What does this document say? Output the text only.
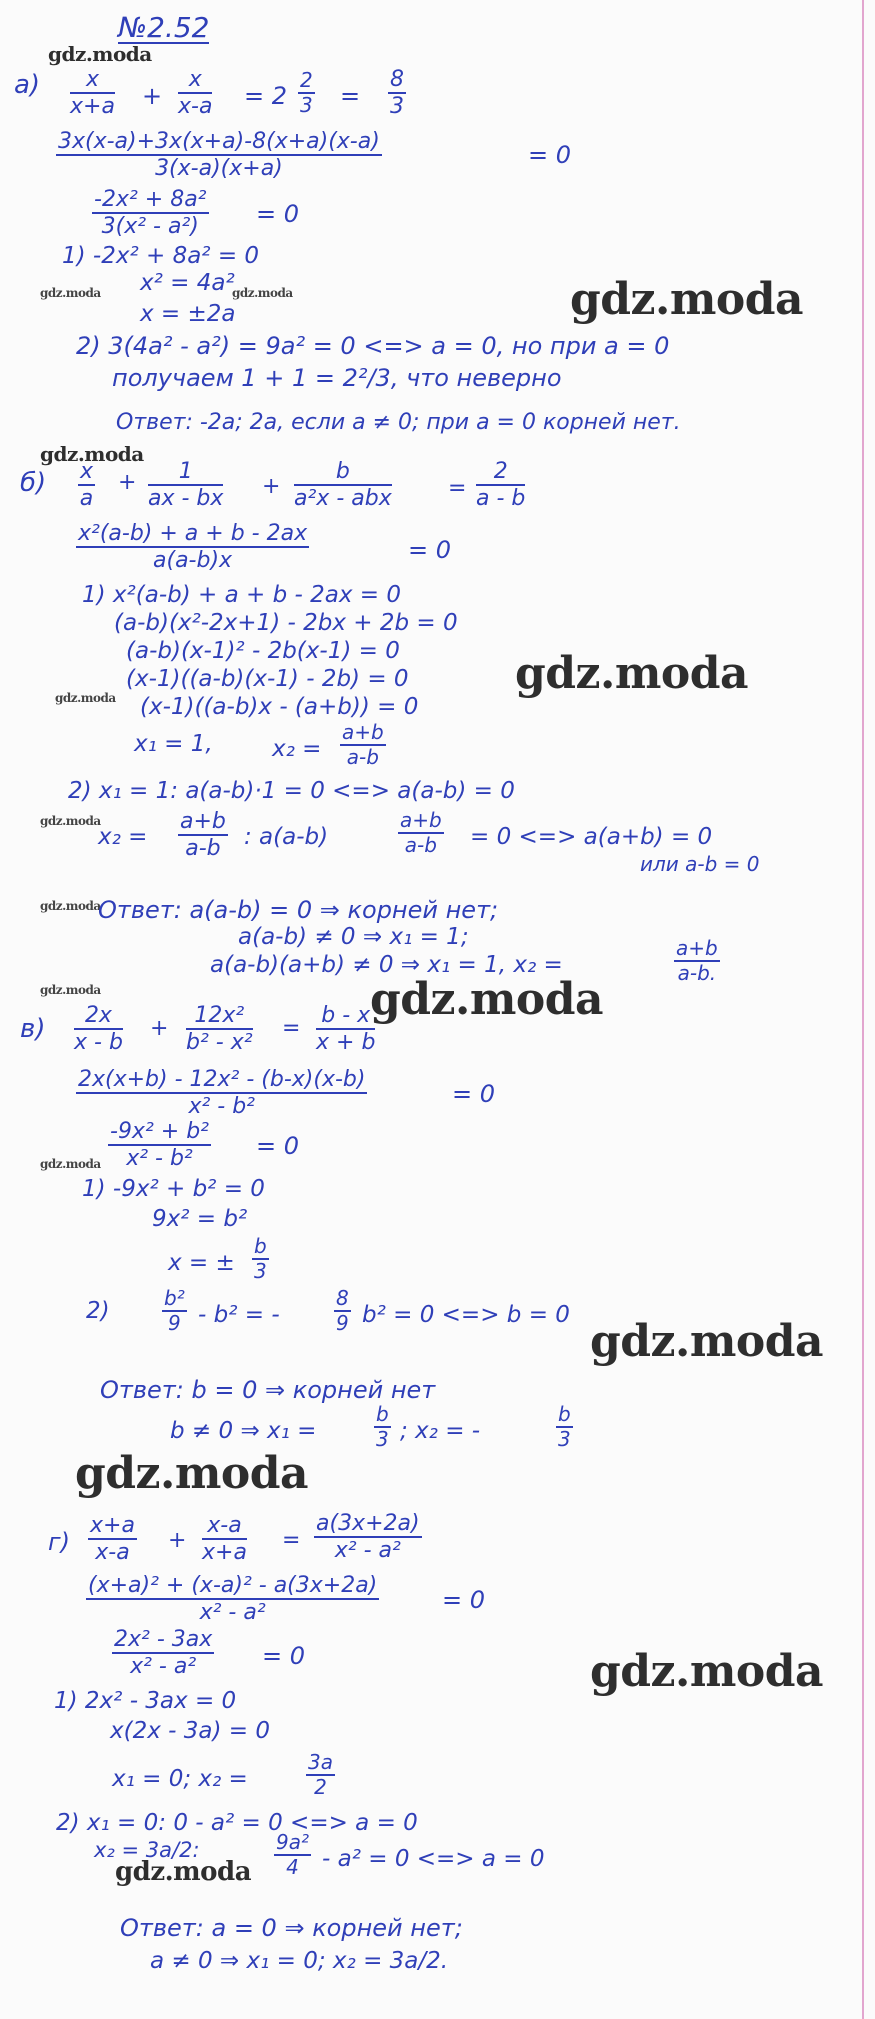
№2.52
gdz.moda
gdz.moda	gdz.moda	gdz.moda
gdz.moda
gdz.moda
gdz.moda
gdz.moda
gdz.moda
gdz.moda	gdz.moda
gdz.moda
gdz.moda
gdz.moda
gdz.moda
gdz.moda
$а) \frac{x}{x+a} + \frac{x}{x-a} = 2 \frac{2}{3} = \frac{8}{3}$
$\frac{3x(x-a)+3x(x+a)-8(x+a)(x-a)}{3(x-a)(x+a)}$	= 0
$\frac{\text{-2x² + 8a²}}{\text{3(x² - a²)}} = 0$
1) -2x² + 8a² = 0
x² = 4a²
x = ±2a
2) 3(4a² - a²) = 9a² = 0 <=> a = 0, но при a = 0
получаем 1 + 1 = 2²/3, что неверно
Ответ: -2a; 2a, если a ≠ 0; при a = 0 корней нет.
$б) \frac{x}{a} + \frac{1}{ax - bx}$ +
b
a²x - abx	= $\frac{2}{a - b}$
$\frac{\text{x²(a-b) + a + b - 2ax}}{a(a-b)x}$	= 0
1) x²(a-b) + a + b - 2ax = 0
(a-b)(x²-2x+1) - 2bx + 2b = 0
(a-b)(x-1)² - 2b(x-1) = 0
(x-1)((a-b)(x-1) - 2b) = 0
(x-1)((a-b)x - (a+b)) = 0
x₁ = 1,	$x_2 = \frac{a+b}{a-b}$
2) x₁ = 1: a(a-b)·1 = 0 <=> a(a-b) = 0
$x_2 = \frac{a+b}{a-b}$ : a(a-b)	$\frac{a+b}{a-b} = 0$ <=> a(a+b) = 0
или a-b = 0
Ответ: a(a-b) = 0 ⇒ корней нет;
a(a-b) ≠ 0 ⇒ x₁ = 1;
a(a-b)(a+b) ≠ 0 ⇒ x₁ = 1, x₂ =	$\frac{a+b}{a-b.}$
$в) \frac{2x}{x - b} + \frac{\text{12x²}}{\text{b² - x²}} = \frac{b - x}{x + b}$
$\frac{\text{2x(x+b) - 12x² - (b-x)(x-b)}}{\text{x² - b²}}$	= 0
$\frac{\text{-9x² + b²}}{\text{x² - b²}} = 0$
1) -9x² + b² = 0
9x² = b²
x = ± $\frac{b}{3}$
2)	$\frac{\text{b²}}{9} - b^2$ = -	$\frac{8}{9} b^2 = 0$ <=> b = 0
Ответ: b = 0 ⇒ корней нет
b ≠ 0 ⇒ x₁ =	$\frac{b}{3}$ ; x₂ = -	$\frac{b}{3}$
$г) \frac{x+a}{x-a} + \frac{x-a}{x+a} = \frac{a(3x+2a)}{\text{x² - a²}}$
$\frac{\text{(x+a)² + (x-a)² - a(3x+2a)}}{\text{x² - a²}}$	= 0
$\frac{\text{2x² - 3ax}}{\text{x² - a²}} = 0$
1) 2x² - 3ax = 0
x(2x - 3a) = 0
x₁ = 0; x₂ =	$\frac{3a}{2}$
2) x₁ = 0: 0 - a² = 0 <=> a = 0
x₂ = 3a/2:	$\frac{\text{9a²}}{4} - a^2 = 0$ <=> a = 0
Ответ: a = 0 ⇒ корней нет;
a ≠ 0 ⇒ x₁ = 0; x₂ = 3a/2.
